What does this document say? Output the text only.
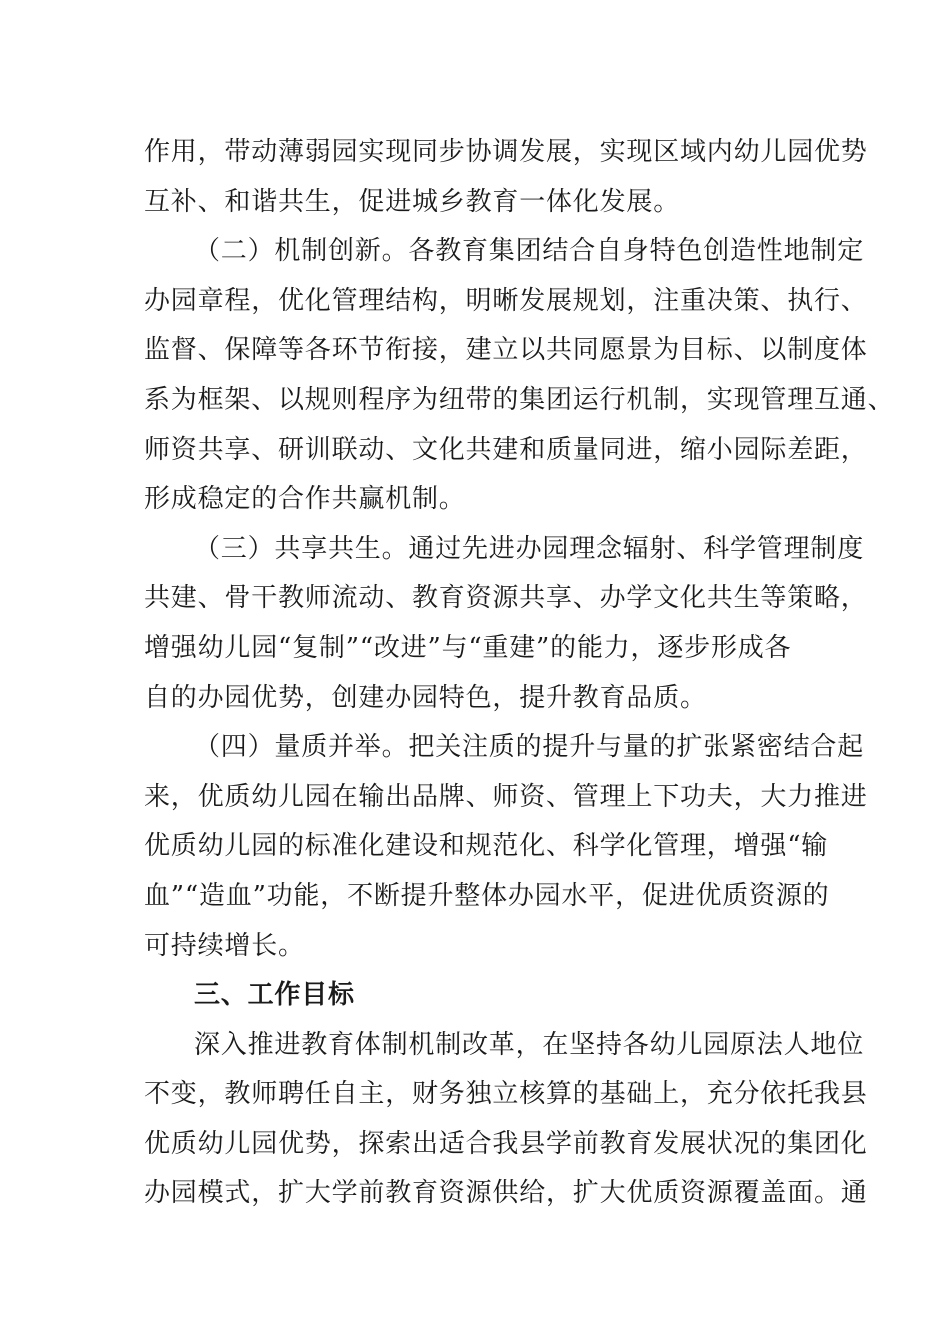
作用，带动薄弱园实现同步协调发展，实现区域内幼儿园优势
互补、和谐共生，促进城乡教育一体化发展。
（二）机制创新。各教育集团结合自身特色创造性地制定
办园章程，优化管理结构，明晰发展规划，注重决策、执行、
监督、保障等各环节衔接，建立以共同愿景为目标、以制度体
系为框架、以规则程序为纽带的集团运行机制，实现管理互通、
师资共享、研训联动、文化共建和质量同进，缩小园际差距，
形成稳定的合作共赢机制。
（三）共享共生。通过先进办园理念辐射、科学管理制度
共建、骨干教师流动、教育资源共享、办学文化共生等策略，
增强幼儿园“复制”“改进”与“重建”的能力，逐步形成各
自的办园优势，创建办园特色，提升教育品质。
（四）量质并举。把关注质的提升与量的扩张紧密结合起
来，优质幼儿园在输出品牌、师资、管理上下功夫，大力推进
优质幼儿园的标准化建设和规范化、科学化管理，增强“输
血”“造血”功能，不断提升整体办园水平，促进优质资源的
可持续增长。
三、工作目标
深入推进教育体制机制改革，在坚持各幼儿园原法人地位
不变，教师聘任自主，财务独立核算的基础上，充分依托我县
优质幼儿园优势，探索出适合我县学前教育发展状况的集团化
办园模式，扩大学前教育资源供给，扩大优质资源覆盖面。通
